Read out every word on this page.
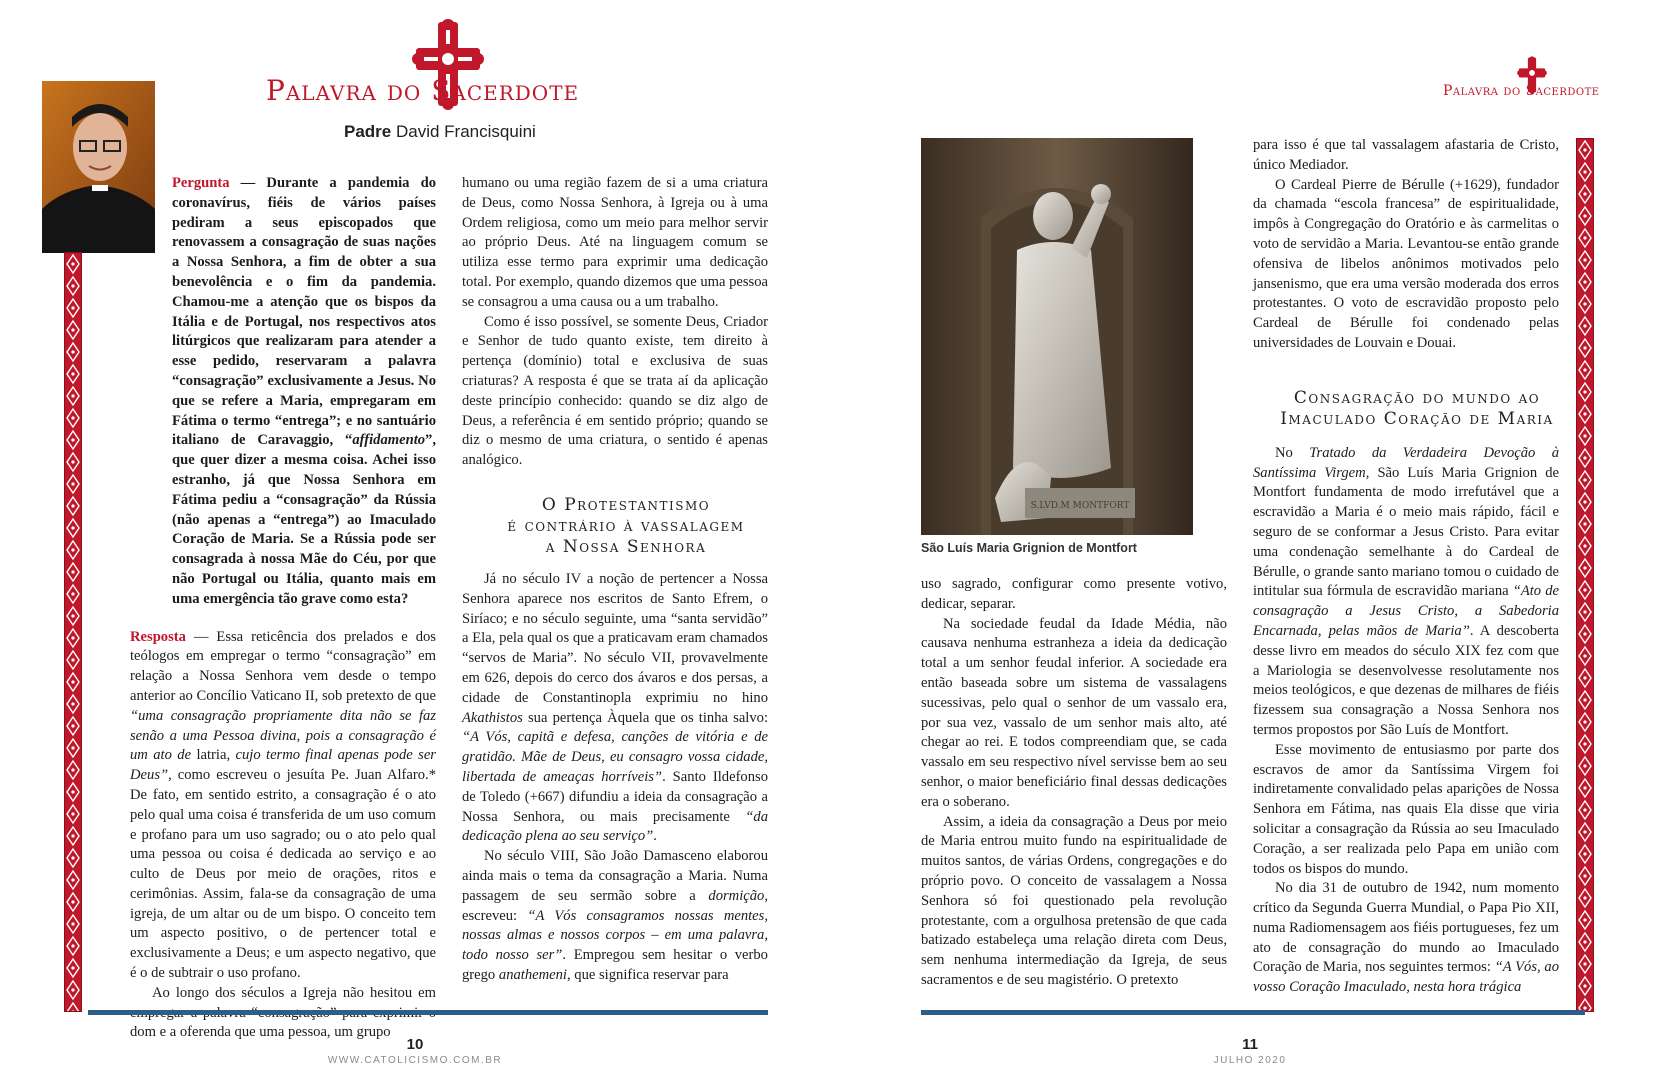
Palavra do Sacerdote
Padre David Francisquini

Pergunta — Durante a pandemia do coronavírus, fiéis de vários países pediram a seus episcopados que renovassem a consagração de suas nações a Nossa Senhora, a fim de obter a sua benevolência e o fim da pandemia. Chamou-me a atenção que os bispos da Itália e de Portugal, nos respectivos atos litúrgicos que realizaram para atender a esse pedido, reservaram a palavra “consagração” exclusivamente a Jesus. No que se refere a Maria, empregaram em Fátima o termo “entrega”; e no santuário italiano de Caravaggio, “affidamento”, que quer dizer a mesma coisa. Achei isso estranho, já que Nossa Senhora em Fátima pediu a “consagração” da Rússia (não apenas a “entrega”) ao Imaculado Coração de Maria. Se a Rússia pode ser consagrada à nossa Mãe do Céu, por que não Portugal ou Itália, quanto mais em uma emergência tão grave como esta?

Resposta — Essa reticência dos prelados e dos teólogos em empregar o termo “consagração” em relação a Nossa Senhora vem desde o tempo anterior ao Concílio Vaticano II, sob pretexto de que “uma consagração propriamente dita não se faz senão a uma Pessoa divina, pois a consagração é um ato de latria, cujo termo final apenas pode ser Deus”, como escreveu o jesuíta Pe. Juan Alfaro.* De fato, em sentido estrito, a consagração é o ato pelo qual uma coisa é transferida de um uso comum e profano para um uso sagrado; ou o ato pelo qual uma pessoa ou coisa é dedicada ao serviço e ao culto de Deus por meio de orações, ritos e cerimônias. Assim, fala-se da consagração de uma igreja, de um altar ou de um bispo. O conceito tem um aspecto positivo, o de pertencer total e exclusivamente a Deus; e um aspecto negativo, que é o de subtrair o uso profano.

Ao longo dos séculos a Igreja não hesitou em dom e a oferenda que uma pessoa, um grupo

humano ou uma região fazem de si a uma criatura de Deus, como Nossa Senhora, à Igreja ou à uma Ordem religiosa, como um meio para melhor servir ao próprio Deus. Até na linguagem comum se utiliza esse termo para exprimir uma dedicação total. Por exemplo, quando dizemos que uma pessoa se consagrou a uma causa ou a um trabalho.

Como é isso possível, se somente Deus, Criador e Senhor de tudo quanto existe, tem direito à pertença (domínio) total e exclusiva de suas criaturas? A resposta é que se trata aí da aplicação deste princípio conhecido: quando se diz algo de Deus, a referência é em sentido próprio; quando se diz o mesmo de uma criatura, o sentido é apenas analógico.

O Protestantismo

é contrário à vassalagem

a Nossa Senhora

Já no século IV a noção de pertencer a Nossa Senhora aparece nos escritos de Santo Efrem, o Siríaco; e no século seguinte, uma “santa servidão” a Ela, pela qual os que a praticavam eram chamados “servos de Maria”. No século VII, provavelmente em 626, depois do cerco dos ávaros e dos persas, a cidade de Constantinopla exprimiu no hino Akathistos sua pertença Àquela que os tinha salvo: “A Vós, capitã e defesa, canções de vitória e de gratidão. Mãe de Deus, eu consagro vossa cidade, libertada de ameaças horríveis”. Santo Ildefonso de Toledo (+667) difundiu a ideia da consagração a Nossa Senhora, ou mais precisamente “da dedicação plena ao seu serviço”.

No século VIII, São João Damasceno elaborou ainda mais o tema da consagração a Maria. Numa passagem de seu sermão sobre a dormição, escreveu: “A Vós consagramos nossas mentes, nossas almas e nossos corpos – em uma palavra, todo nosso ser”. Empregou sem hesitar o verbo grego anathemeni, que significa reservar para

10
WWW.CATOLICISMO.COM.BR
Palavra do Sacerdote
S.LVD.M MONTFORT
São Luís Maria Grignion de Montfort

uso sagrado, configurar como presente votivo, dedicar, separar.

Na sociedade feudal da Idade Média, não causava nenhuma estranheza a ideia da dedicação total a um senhor feudal inferior. A sociedade era então baseada sobre um sistema de vassalagens sucessivas, pelo qual o senhor de um vassalo era, por sua vez, vassalo de um senhor mais alto, até chegar ao rei. E todos compreendiam que, se cada vassalo em seu respectivo nível servisse bem ao seu senhor, o maior beneficiário final dessas dedicações era o soberano.

Assim, a ideia da consagração a Deus por meio de Maria entrou muito fundo na espiritualidade de muitos santos, de várias Ordens, congregações e do próprio povo. O conceito de vassalagem a Nossa Senhora só foi questionado pela revolução protestante, com a orgulhosa pretensão de que cada batizado estabeleça uma relação direta com Deus, sem nenhuma intermediação da Igreja, de seus sacramentos e de seu magistério. O pretexto

para isso é que tal vassalagem afastaria de Cristo, único Mediador.

O Cardeal Pierre de Bérulle (+1629), fundador da chamada “escola francesa” de espiritualidade, impôs à Congregação do Oratório e às carmelitas o voto de servidão a Maria. Levantou-se então grande ofensiva de libelos anônimos motivados pelo jansenismo, que era uma versão moderada dos erros protestantes. O voto de escravidão proposto pelo Cardeal de Bérulle foi condenado pelas universidades de Louvain e Douai.

Consagração do mundo ao

Imaculado Coração de Maria

No Tratado da Verdadeira Devoção à Santíssima Virgem, São Luís Maria Grignion de Montfort fundamenta de modo irrefutável que a escravidão a Maria é o meio mais rápido, fácil e seguro de se conformar a Jesus Cristo. Para evitar uma condenação semelhante à do Cardeal de Bérulle, o grande santo mariano tomou o cuidado de intitular sua fórmula de escravidão mariana “Ato de consagração a Jesus Cristo, a Sabedoria Encarnada, pelas mãos de Maria”. A descoberta desse livro em meados do século XIX fez com que a Mariologia se desenvolvesse resolutamente nos meios teológicos, e que dezenas de milhares de fiéis fizessem sua consagração a Nossa Senhora nos termos propostos por São Luís de Montfort.

Esse movimento de entusiasmo por parte dos escravos de amor da Santíssima Virgem foi indiretamente convalidado pelas aparições de Nossa Senhora em Fátima, nas quais Ela disse que viria solicitar a consagração da Rússia ao seu Imaculado Coração, a ser realizada pelo Papa em união com todos os bispos do mundo.

No dia 31 de outubro de 1942, num momento crítico da Segunda Guerra Mundial, o Papa Pio XII, numa Radiomensagem aos fiéis portugueses, fez um ato de consagração do mundo ao Imaculado Coração de Maria, nos seguintes termos: “A Vós, ao vosso Coração Imaculado, nesta hora trágica

11
JULHO 2020
